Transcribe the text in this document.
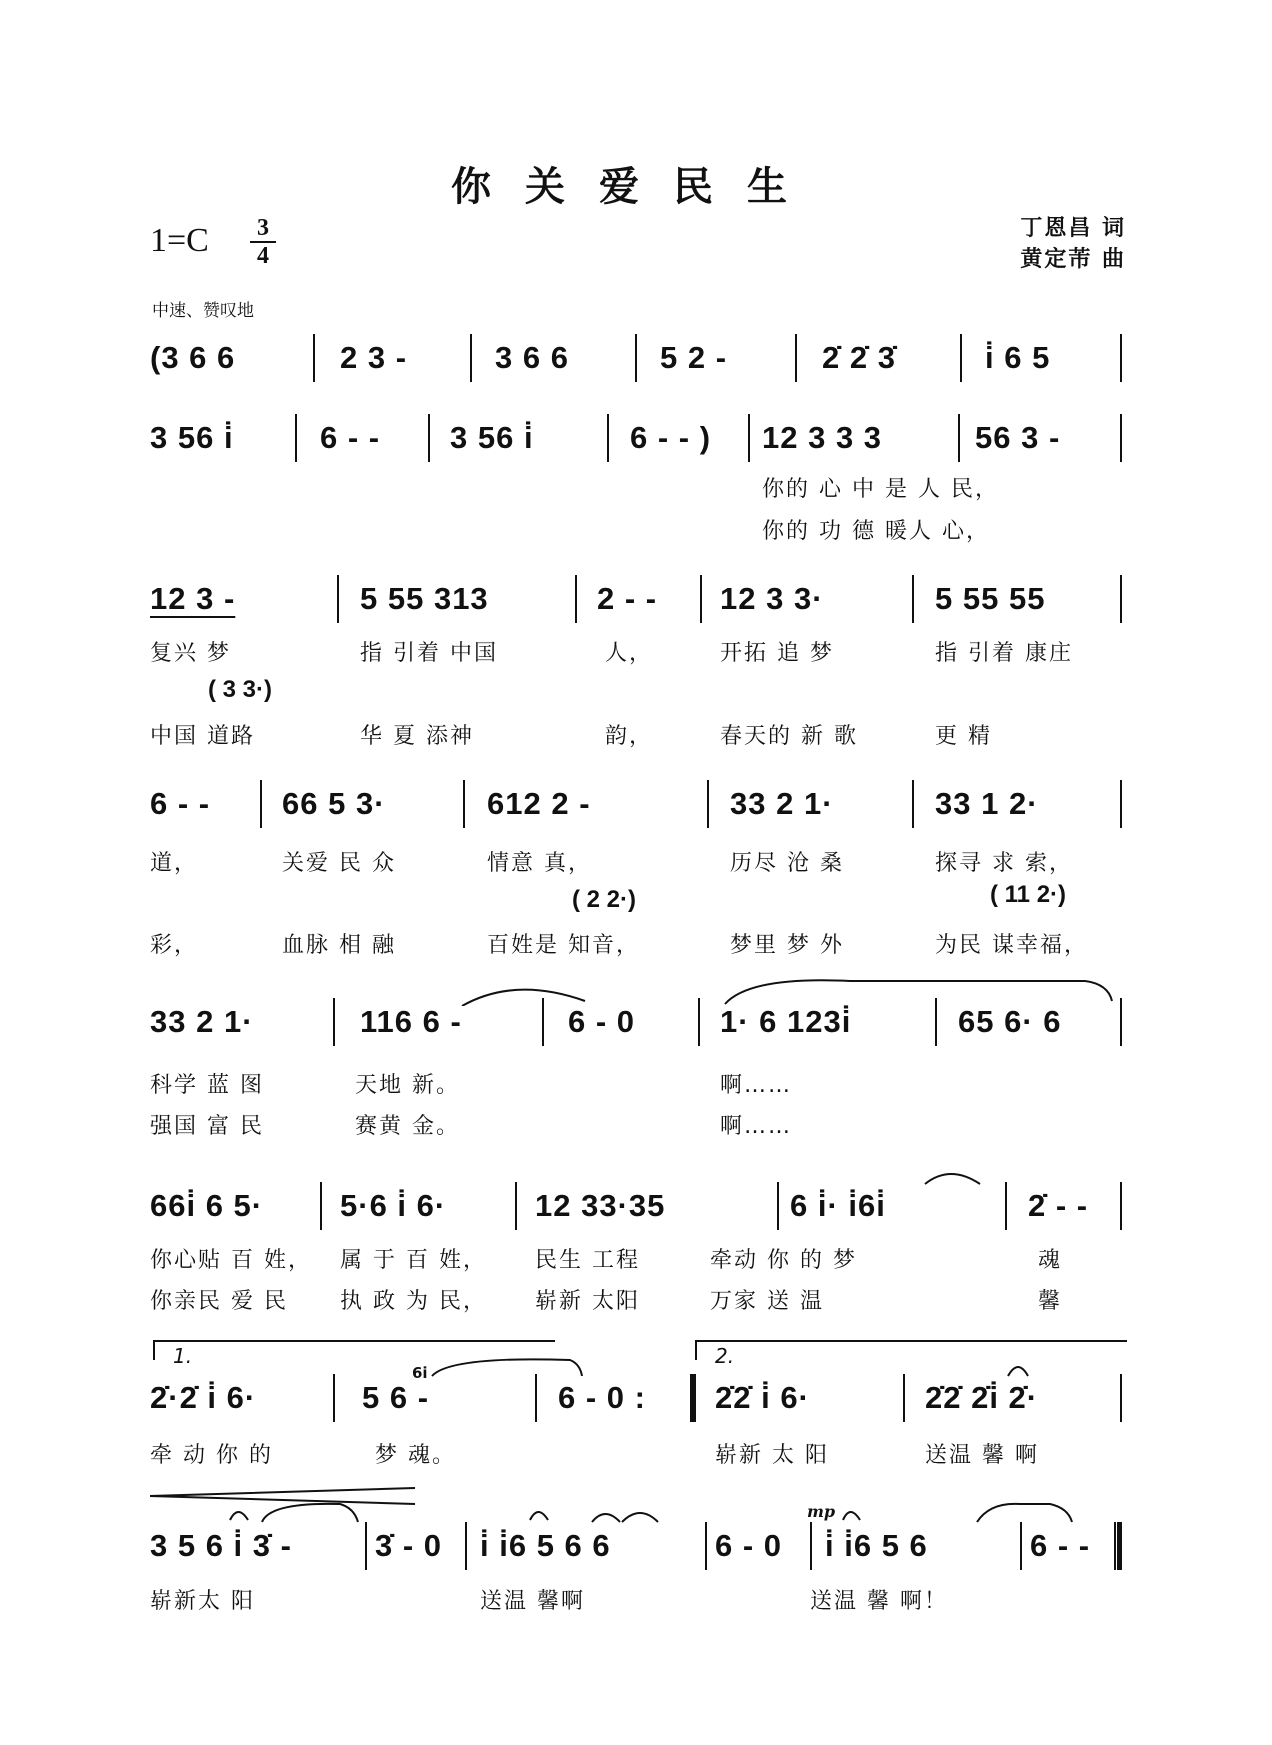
你关爱民生
1=C 3
4
丁恩昌 词
黄定芾 曲
中速、赞叹地
(3 6 6	2 3 -	3 6 6	5 2 -	2̇ 2̇ 3̇	i̇ 6 5
3 56 i̇	6 - - 3 56 i̇	6 - - ) 12 3 3 3	56 3 -
你的 心 中 是 人 民，
你的 功 德 暖人 心，
12 3 -	5 55 313	2 - - 12 3 3·	5 55 55
复兴 梦	指 引着 中国	人，	开拓 追 梦	指 引着 康庄
( 3 3·)
中国 道路	华 夏 添神	韵，	春天的 新 歌	更 精
6 - - 66 5 3·	612 2 -	33 2 1·	33 1 2·
道，	关爱 民 众	情意 真，	历尽 沧 桑	探寻 求 索，
( 2 2·)	( 11 2·)
彩，	血脉 相 融	百姓是 知音，	梦里 梦 外	为民 谋幸福，
33 2 1·	116 6 -	6 - 0	1· 6 123i̇	65 6· 6
科学 蓝 图	天地 新。	啊……
强国 富 民	赛黄 金。	啊……
66i̇ 6 5· 5·6 i̇ 6·	12 33·35	6 i̇· i̇6i̇	2̇ - -
你心贴 百 姓， 属 于 百 姓， 民生 工程	牵动 你 的 梦	魂
你亲民 爱 民 执 政 为 民， 崭新 太阳	万家 送 温	馨
1.	2.
6i̇
2̇·2̇ i̇ 6·	5 6 -	6 - 0 : 2̇2̇ i̇ 6·	2̇2̇ 2̇i̇ 2̇·
牵 动 你 的	梦 魂。	崭新 太 阳	送温 馨 啊
mp
3 5 6 i̇ 3̇ -	3̇ - 0 i̇ i̇6 5 6 6	6 - 0 i̇ i̇6 5 6	6 - -
崭新太 阳	送温 馨啊	送温 馨 啊！
